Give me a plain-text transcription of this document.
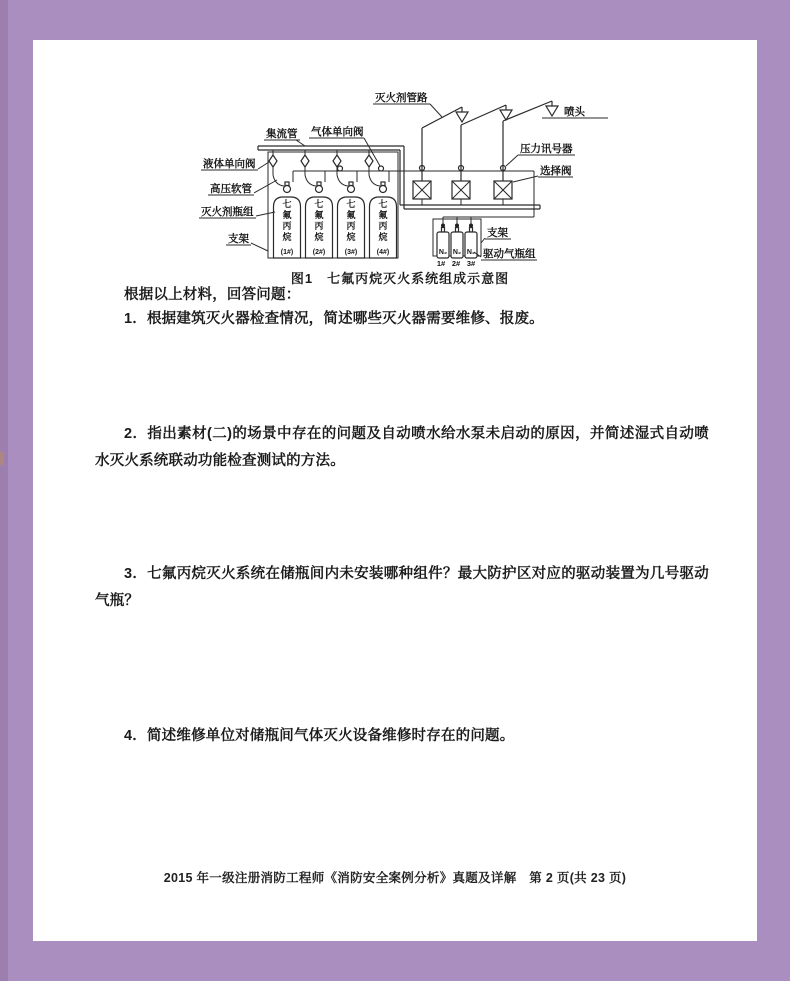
七氟丙烷
七氟丙烷
七氟丙烷
七氟丙烷
(1#)	(2#)	(3#)	(4#)	N₂ N₂ N₂
1# 2# 3#
灭火剂管路
喷头
集流管 气体单向阀
压力讯号器
选择阀
液体单向阀
高压软管
灭火剂瓶组
支架	支架
驱动气瓶组
图1　七氟丙烷灭火系统组成示意图
根据以上材料，回答问题：
1．根据建筑灭火器检查情况，简述哪些灭火器需要维修、报废。
2．指出素材(二)的场景中存在的问题及自动喷水给水泵未启动的原因，并简述湿式自动喷水灭火系统联动功能检查测试的方法。
3．七氟丙烷灭火系统在储瓶间内未安装哪种组件？最大防护区对应的驱动装置为几号驱动气瓶？
4．简述维修单位对储瓶间气体灭火设备维修时存在的问题。
2015 年一级注册消防工程师《消防安全案例分析》真题及详解　第 2 页(共 23 页)
